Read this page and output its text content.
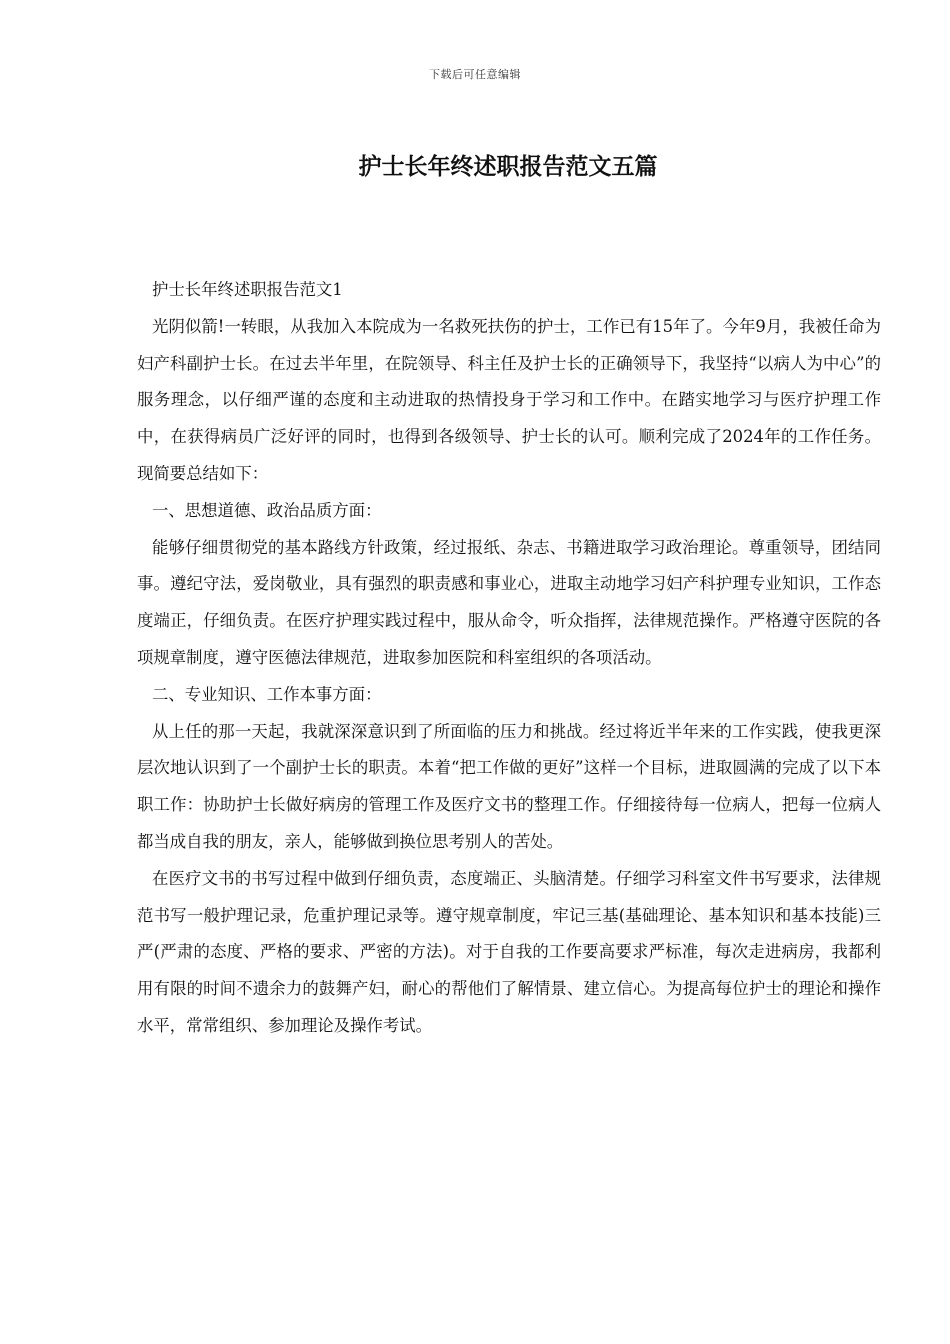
下载后可任意编辑
护士长年终述职报告范文五篇

护士长年终述职报告范文1

光阴似箭!一转眼，从我加入本院成为一名救死扶伤的护士，工作已有15年了。今年9月，我被任命为妇产科副护士长。在过去半年里，在院领导、科主任及护士长的正确领导下，我坚持“以病人为中心”的服务理念，以仔细严谨的态度和主动进取的热情投身于学习和工作中。在踏实地学习与医疗护理工作中，在获得病员广泛好评的同时，也得到各级领导、护士长的认可。顺利完成了2024年的工作任务。现简要总结如下：

一、思想道德、政治品质方面：

能够仔细贯彻党的基本路线方针政策，经过报纸、杂志、书籍进取学习政治理论。尊重领导，团结同事。遵纪守法，爱岗敬业，具有强烈的职责感和事业心，进取主动地学习妇产科护理专业知识，工作态度端正，仔细负责。在医疗护理实践过程中，服从命令，听众指挥，法律规范操作。严格遵守医院的各项规章制度，遵守医德法律规范，进取参加医院和科室组织的各项活动。

二、专业知识、工作本事方面：

从上任的那一天起，我就深深意识到了所面临的压力和挑战。经过将近半年来的工作实践，使我更深层次地认识到了一个副护士长的职责。本着“把工作做的更好”这样一个目标，进取圆满的完成了以下本职工作：协助护士长做好病房的管理工作及医疗文书的整理工作。仔细接待每一位病人，把每一位病人都当成自我的朋友，亲人，能够做到换位思考别人的苦处。

在医疗文书的书写过程中做到仔细负责，态度端正、头脑清楚。仔细学习科室文件书写要求，法律规范书写一般护理记录，危重护理记录等。遵守规章制度，牢记三基(基础理论、基本知识和基本技能)三严(严肃的态度、严格的要求、严密的方法)。对于自我的工作要高要求严标准，每次走进病房，我都利用有限的时间不遗余力的鼓舞产妇，耐心的帮他们了解情景、建立信心。为提高每位护士的理论和操作水平，常常组织、参加理论及操作考试。
